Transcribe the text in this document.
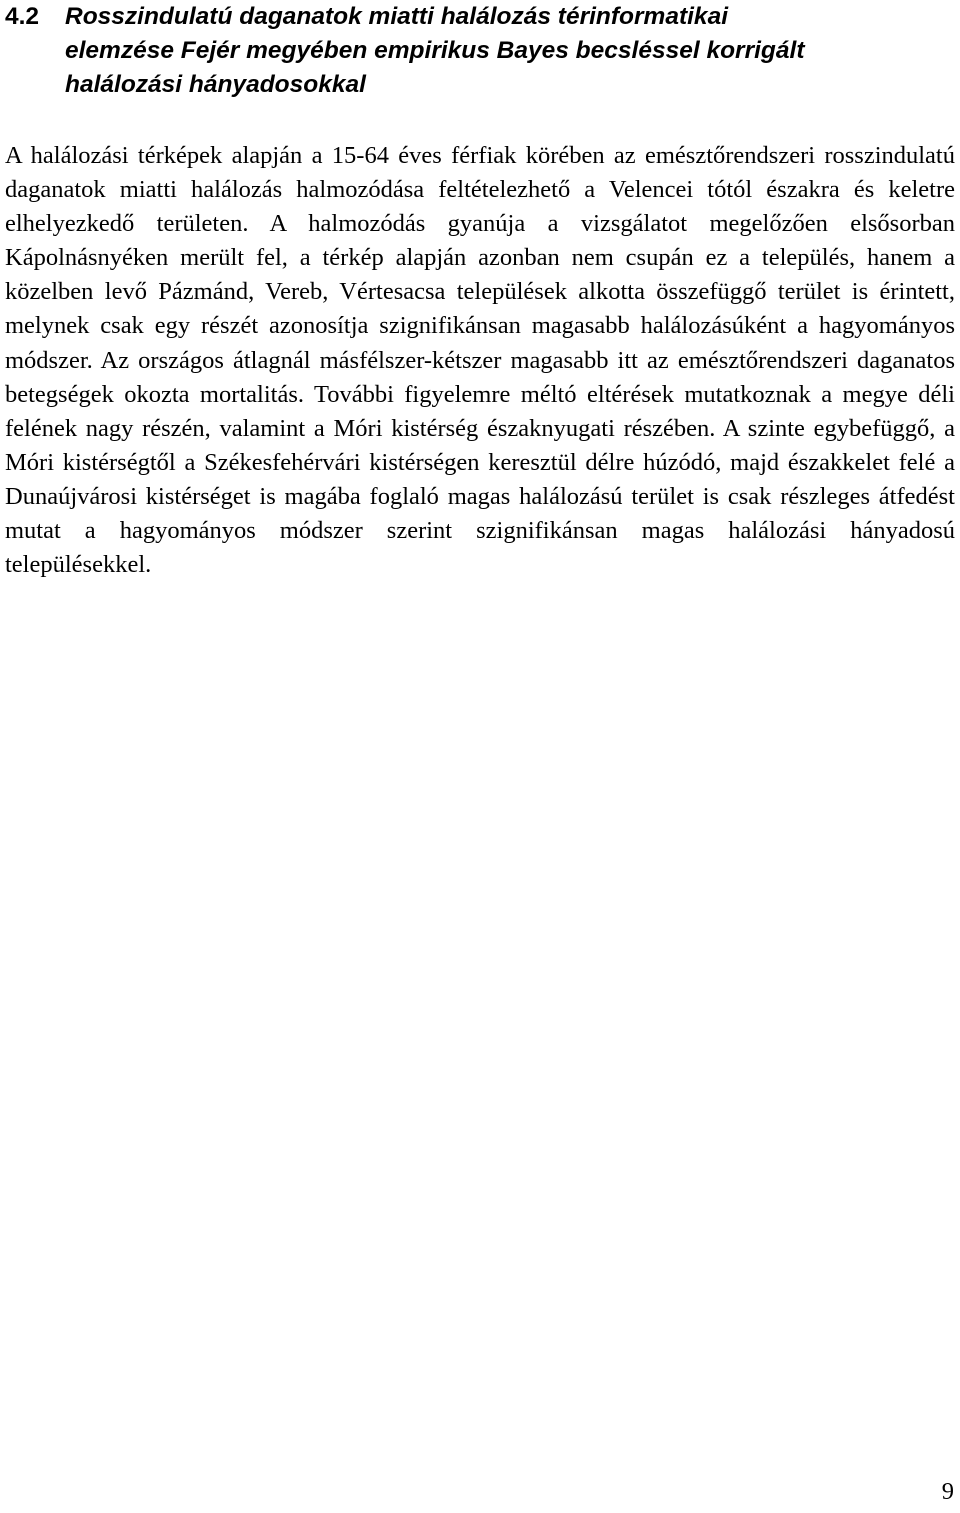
4.2 Rosszindulatú daganatok miatti halálozás térinformatikai
elemzése Fejér megyében empirikus Bayes becsléssel korrigált
halálozási hányadosokkal

A halálozási térképek alapján a 15-64 éves férfiak körében az emésztőrendszeri rosszindulatú daganatok miatti halálozás halmozódása feltételezhető a Velencei tótól északra és keletre elhelyezkedő területen. A halmozódás gyanúja a vizsgálatot megelőzően elsősorban Kápolnásnyéken merült fel, a térkép alapján azonban nem csupán ez a település, hanem a közelben levő Pázmánd, Vereb, Vértesacsa települések alkotta összefüggő terület is érintett, melynek csak egy részét azonosítja szignifikánsan magasabb halálozásúként a hagyományos módszer. Az országos átlagnál másfélszer-kétszer magasabb itt az emésztőrendszeri daganatos betegségek okozta mortalitás. További figyelemre méltó eltérések mutatkoznak a megye déli felének nagy részén, valamint a Móri kistérség északnyugati részében. A szinte egybefüggő, a Móri kistérségtől a Székesfehérvári kistérségen keresztül délre húzódó, majd északkelet felé a Dunaújvárosi kistérséget is magába foglaló magas halálozású terület is csak részleges átfedést mutat a hagyományos módszer szerint szignifikánsan magas halálozási hányadosú településekkel.

9
